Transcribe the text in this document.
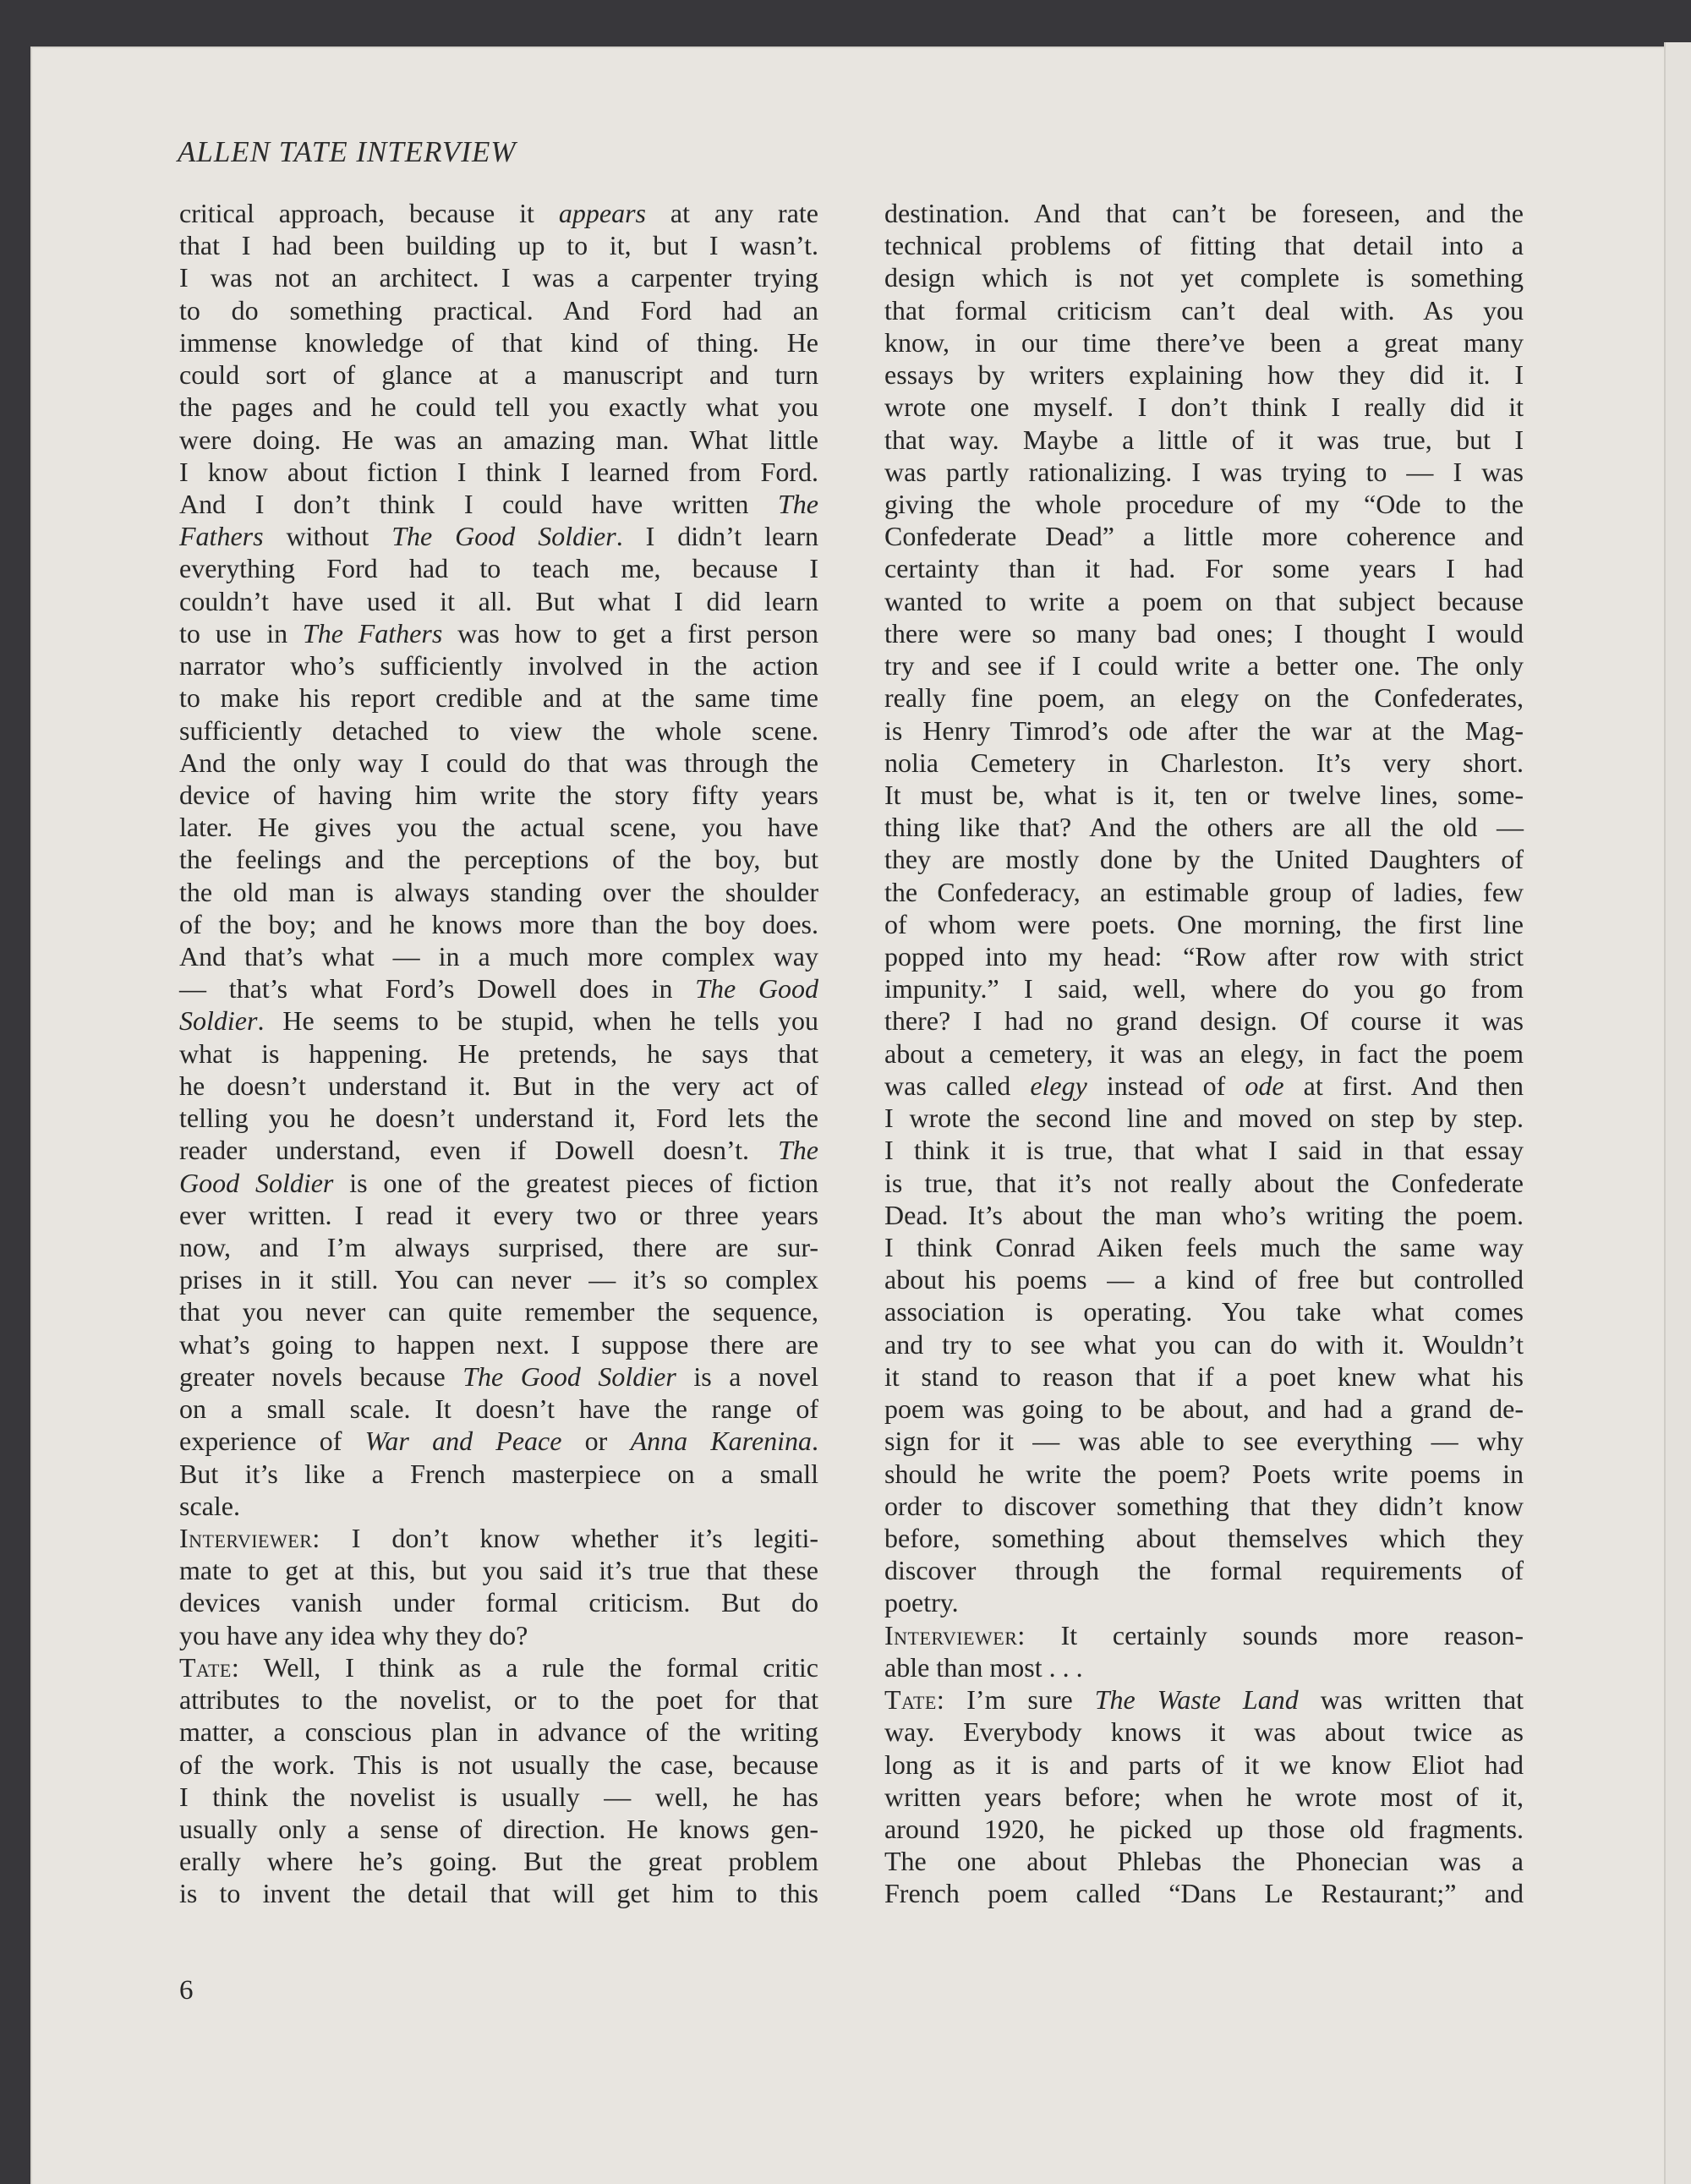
ALLEN TATE INTERVIEW
critical approach, because it appears at any rate
that I had been building up to it, but I wasn’t.
I was not an architect. I was a carpenter trying
to do something practical. And Ford had an
immense knowledge of that kind of thing. He
could sort of glance at a manuscript and turn
the pages and he could tell you exactly what you
were doing. He was an amazing man. What little
I know about fiction I think I learned from Ford.
And I don’t think I could have written The
Fathers without The Good Soldier. I didn’t learn
everything Ford had to teach me, because I
couldn’t have used it all. But what I did learn
to use in The Fathers was how to get a first person
narrator who’s sufficiently involved in the action
to make his report credible and at the same time
sufficiently detached to view the whole scene.
And the only way I could do that was through the
device of having him write the story fifty years
later. He gives you the actual scene, you have
the feelings and the perceptions of the boy, but
the old man is always standing over the shoulder
of the boy; and he knows more than the boy does.
And that’s what — in a much more complex way
— that’s what Ford’s Dowell does in The Good
Soldier. He seems to be stupid, when he tells you
what is happening. He pretends, he says that
he doesn’t understand it. But in the very act of
telling you he doesn’t understand it, Ford lets the
reader understand, even if Dowell doesn’t. The
Good Soldier is one of the greatest pieces of fiction
ever written. I read it every two or three years
now, and I’m always surprised, there are sur-
prises in it still. You can never — it’s so complex
that you never can quite remember the sequence,
what’s going to happen next. I suppose there are
greater novels because The Good Soldier is a novel
on a small scale. It doesn’t have the range of
experience of War and Peace or Anna Karenina.
But it’s like a French masterpiece on a small
scale.
Interviewer: I don’t know whether it’s legiti-
mate to get at this, but you said it’s true that these
devices vanish under formal criticism. But do
you have any idea why they do?
Tate: Well, I think as a rule the formal critic
attributes to the novelist, or to the poet for that
matter, a conscious plan in advance of the writing
of the work. This is not usually the case, because
I think the novelist is usually — well, he has
usually only a sense of direction. He knows gen-
erally where he’s going. But the great problem
is to invent the detail that will get him to this
destination. And that can’t be foreseen, and the
technical problems of fitting that detail into a
design which is not yet complete is something
that formal criticism can’t deal with. As you
know, in our time there’ve been a great many
essays by writers explaining how they did it. I
wrote one myself. I don’t think I really did it
that way. Maybe a little of it was true, but I
was partly rationalizing. I was trying to — I was
giving the whole procedure of my “Ode to the
Confederate Dead” a little more coherence and
certainty than it had. For some years I had
wanted to write a poem on that subject because
there were so many bad ones; I thought I would
try and see if I could write a better one. The only
really fine poem, an elegy on the Confederates,
is Henry Timrod’s ode after the war at the Mag-
nolia Cemetery in Charleston. It’s very short.
It must be, what is it, ten or twelve lines, some-
thing like that? And the others are all the old —
they are mostly done by the United Daughters of
the Confederacy, an estimable group of ladies, few
of whom were poets. One morning, the first line
popped into my head: “Row after row with strict
impunity.” I said, well, where do you go from
there? I had no grand design. Of course it was
about a cemetery, it was an elegy, in fact the poem
was called elegy instead of ode at first. And then
I wrote the second line and moved on step by step.
I think it is true, that what I said in that essay
is true, that it’s not really about the Confederate
Dead. It’s about the man who’s writing the poem.
I think Conrad Aiken feels much the same way
about his poems — a kind of free but controlled
association is operating. You take what comes
and try to see what you can do with it. Wouldn’t
it stand to reason that if a poet knew what his
poem was going to be about, and had a grand de-
sign for it — was able to see everything — why
should he write the poem? Poets write poems in
order to discover something that they didn’t know
before, something about themselves which they
discover through the formal requirements of
poetry.
Interviewer: It certainly sounds more reason-
able than most . . .
Tate: I’m sure The Waste Land was written that
way. Everybody knows it was about twice as
long as it is and parts of it we know Eliot had
written years before; when he wrote most of it,
around 1920, he picked up those old fragments.
The one about Phlebas the Phonecian was a
French poem called “Dans Le Restaurant;” and
6
